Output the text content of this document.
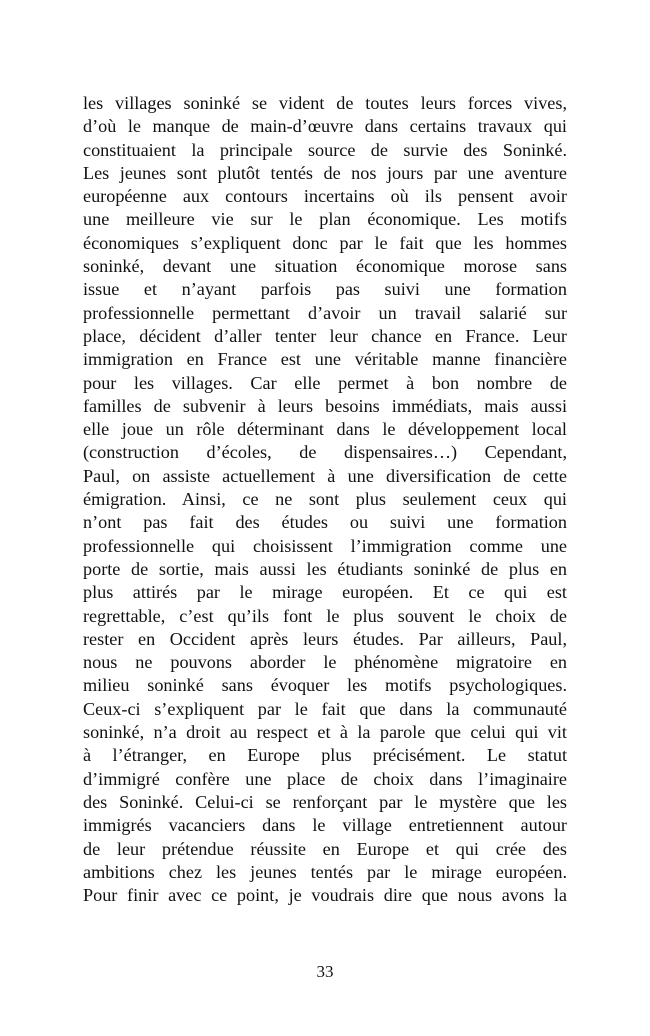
les villages soninké se vident de toutes leurs forces vives,
d’où le manque de main-d’œuvre dans certains travaux qui
constituaient la principale source de survie des Soninké.
Les jeunes sont plutôt tentés de nos jours par une aventure
européenne aux contours incertains où ils pensent avoir
une meilleure vie sur le plan économique. Les motifs
économiques s’expliquent donc par le fait que les hommes
soninké, devant une situation économique morose sans
issue et n’ayant parfois pas suivi une formation
professionnelle permettant d’avoir un travail salarié sur
place, décident d’aller tenter leur chance en France. Leur
immigration en France est une véritable manne financière
pour les villages. Car elle permet à bon nombre de
familles de subvenir à leurs besoins immédiats, mais aussi
elle joue un rôle déterminant dans le développement local
(construction d’écoles, de dispensaires…) Cependant,
Paul, on assiste actuellement à une diversification de cette
émigration. Ainsi, ce ne sont plus seulement ceux qui
n’ont pas fait des études ou suivi une formation
professionnelle qui choisissent l’immigration comme une
porte de sortie, mais aussi les étudiants soninké de plus en
plus attirés par le mirage européen. Et ce qui est
regrettable, c’est qu’ils font le plus souvent le choix de
rester en Occident après leurs études. Par ailleurs, Paul,
nous ne pouvons aborder le phénomène migratoire en
milieu soninké sans évoquer les motifs psychologiques.
Ceux-ci s’expliquent par le fait que dans la communauté
soninké, n’a droit au respect et à la parole que celui qui vit
à l’étranger, en Europe plus précisément. Le statut
d’immigré confère une place de choix dans l’imaginaire
des Soninké. Celui-ci se renforçant par le mystère que les
immigrés vacanciers dans le village entretiennent autour
de leur prétendue réussite en Europe et qui crée des
ambitions chez les jeunes tentés par le mirage européen.
Pour finir avec ce point, je voudrais dire que nous avons la
33
